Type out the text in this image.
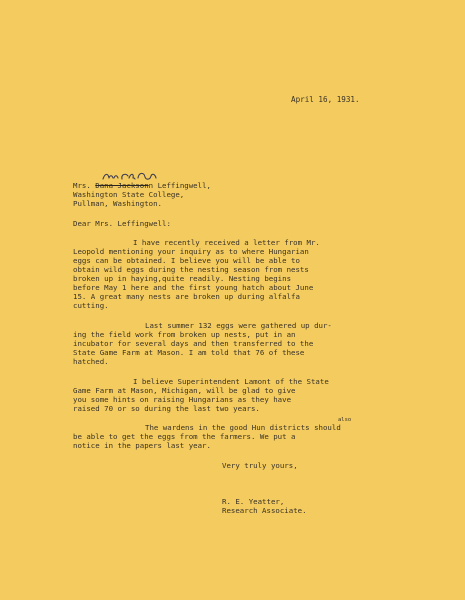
April 16, 1931.
Mrs. Dana Jacksonn Leffingwell,
Washington State College,
Pullman, Washington.
Dear Mrs. Leffingwell:
I have recently received a letter from Mr.
Leopold mentioning your inquiry as to where Hungarian
eggs can be obtained. I believe you will be able to
obtain wild eggs during the nesting season from nests
broken up in haying,quite readily. Nesting begins
before May 1 here and the first young hatch about June
15. A great many nests are broken up during alfalfa
cutting.
Last summer 132 eggs were gathered up dur-
ing the field work from broken up nests, put in an
incubator for several days and then transferred to the
State Game Farm at Mason. I am told that 76 of these
hatched.
I believe Superintendent Lamont of the State
Game Farm at Mason, Michigan, will be glad to give
you some hints on raising Hungarians as they have
raised 70 or so during the last two years.
also
The wardens in the good Hun districts should
be able to get the eggs from the farmers. We put a
notice in the papers last year.
Very truly yours,
R. E. Yeatter,
Research Associate.
